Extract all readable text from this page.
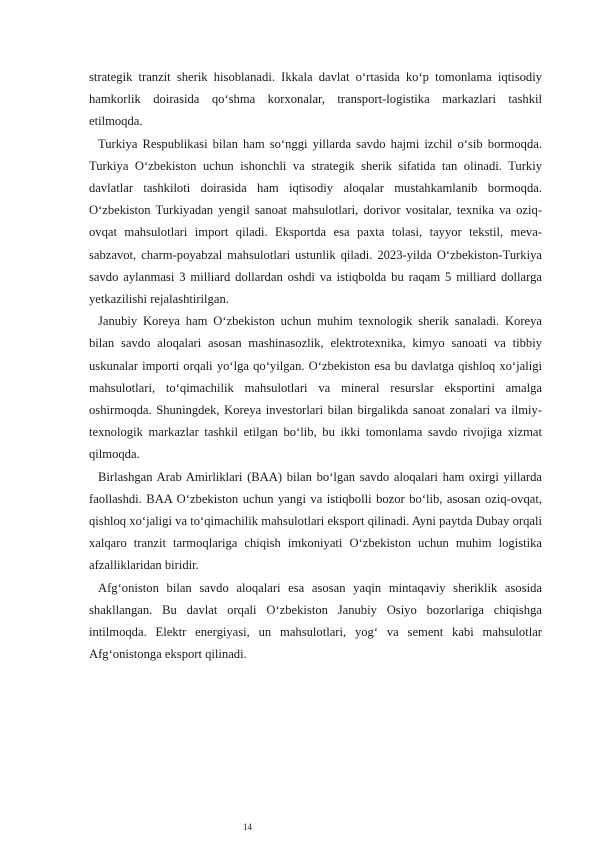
strategik tranzit sherik hisoblanadi. Ikkala davlat o‘rtasida ko‘p tomonlama iqtisodiy hamkorlik doirasida qo‘shma korxonalar, transport-logistika markazlari tashkil etilmoqda.

Turkiya Respublikasi bilan ham so‘nggi yillarda savdo hajmi izchil o‘sib bormoqda. Turkiya O‘zbekiston uchun ishonchli va strategik sherik sifatida tan olinadi. Turkiy davlatlar tashkiloti doirasida ham iqtisodiy aloqalar mustahkamlanib bormoqda. O‘zbekiston Turkiyadan yengil sanoat mahsulotlari, dorivor vositalar, texnika va oziq-ovqat mahsulotlari import qiladi. Eksportda esa paxta tolasi, tayyor tekstil, meva-sabzavot, charm-poyabzal mahsulotlari ustunlik qiladi. 2023-yilda O‘zbekiston-Turkiya savdo aylanmasi 3 milliard dollardan oshdi va istiqbolda bu raqam 5 milliard dollarga yetkazilishi rejalashtirilgan.

Janubiy Koreya ham O‘zbekiston uchun muhim texnologik sherik sanaladi. Koreya bilan savdo aloqalari asosan mashinasozlik, elektrotexnika, kimyo sanoati va tibbiy uskunalar importi orqali yo‘lga qo‘yilgan. O‘zbekiston esa bu davlatga qishloq xo‘jaligi mahsulotlari, to‘qimachilik mahsulotlari va mineral resurslar eksportini amalga oshirmoqda. Shuningdek, Koreya investorlari bilan birgalikda sanoat zonalari va ilmiy-texnologik markazlar tashkil etilgan bo‘lib, bu ikki tomonlama savdo rivojiga xizmat qilmoqda.

Birlashgan Arab Amirliklari (BAA) bilan bo‘lgan savdo aloqalari ham oxirgi yillarda faollashdi. BAA O‘zbekiston uchun yangi va istiqbolli bozor bo‘lib, asosan oziq-ovqat, qishloq xo‘jaligi va to‘qimachilik mahsulotlari eksport qilinadi. Ayni paytda Dubay orqali xalqaro tranzit tarmoqlariga chiqish imkoniyati O‘zbekiston uchun muhim logistika afzalliklaridan biridir.

Afg‘oniston bilan savdo aloqalari esa asosan yaqin mintaqaviy sheriklik asosida shakllangan. Bu davlat orqali O‘zbekiston Janubiy Osiyo bozorlariga chiqishga intilmoqda. Elektr energiyasi, un mahsulotlari, yog‘ va sement kabi mahsulotlar Afg‘onistonga eksport qilinadi.

14
